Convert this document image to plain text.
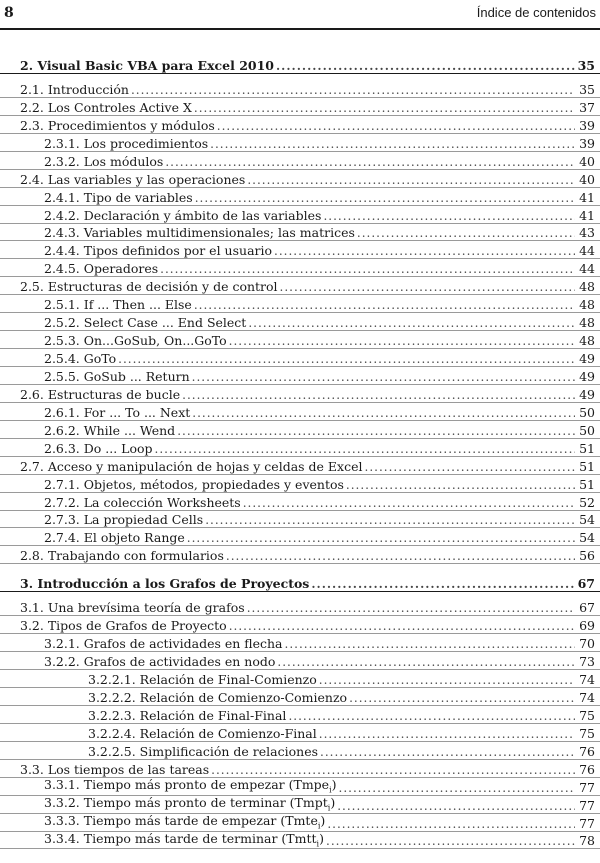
8	Índice de contenidos
2. Visual Basic VBA para Excel 2010 .....	35
2.1. Introducción .....	35
2.2. Los Controles Active X .....	37
2.3. Procedimientos y módulos .....	39
2.3.1. Los procedimientos .....	39
2.3.2. Los módulos .....	40
2.4. Las variables y las operaciones .....	40
2.4.1. Tipo de variables .....	41
2.4.2. Declaración y ámbito de las variables .....	41
2.4.3. Variables multidimensionales; las matrices .....	43
2.4.4. Tipos definidos por el usuario .....	44
2.4.5. Operadores .....	44
2.5. Estructuras de decisión y de control .....	48
2.5.1. If ... Then ... Else .....	48
2.5.2. Select Case ... End Select .....	48
2.5.3. On...GoSub, On...GoTo .....	48
2.5.4. GoTo .....	49
2.5.5. GoSub ... Return .....	49
2.6. Estructuras de bucle .....	49
2.6.1. For ... To ... Next .....	50
2.6.2. While ... Wend .....	50
2.6.3. Do ... Loop .....	51
2.7. Acceso y manipulación de hojas y celdas de Excel .....	51
2.7.1. Objetos, métodos, propiedades y eventos .....	51
2.7.2. La colección Worksheets .....	52
2.7.3. La propiedad Cells .....	54
2.7.4. El objeto Range .....	54
2.8. Trabajando con formularios .....	56
3. Introducción a los Grafos de Proyectos .....	67
3.1. Una brevísima teoría de grafos .....	67
3.2. Tipos de Grafos de Proyecto .....	69
3.2.1. Grafos de actividades en flecha .....	70
3.2.2. Grafos de actividades en nodo .....	73
3.2.2.1. Relación de Final-Comienzo .....	74
3.2.2.2. Relación de Comienzo-Comienzo .....	74
3.2.2.3. Relación de Final-Final .....	75
3.2.2.4. Relación de Comienzo-Final .....	75
3.2.2.5. Simplificación de relaciones .....	76
3.3. Los tiempos de las tareas .....	76
3.3.1. Tiempo más pronto de empezar (Tmpe$_i$) .....	77
3.3.2. Tiempo más pronto de terminar (Tmpt$_i$) .....	77
3.3.3. Tiempo más tarde de empezar (Tmte$_i$) .....	77
3.3.4. Tiempo más tarde de terminar (Tmtt$_i$) .....	78
